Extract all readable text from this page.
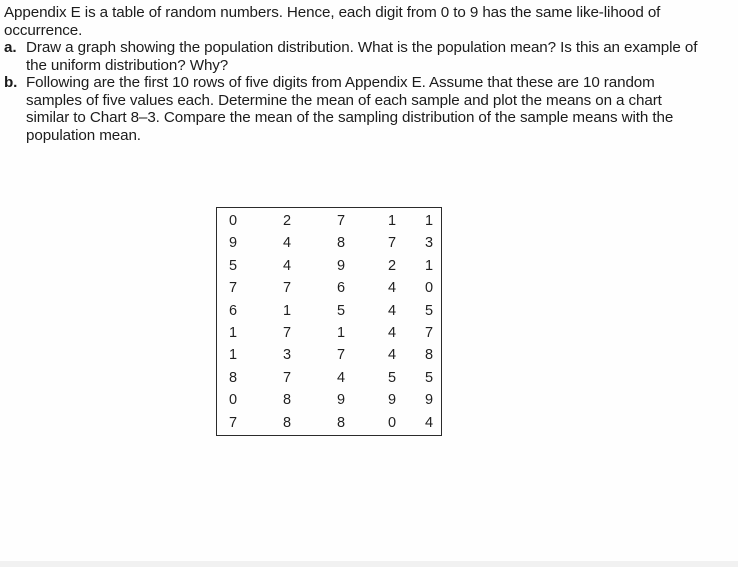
Appendix E is a table of random numbers. Hence, each digit from 0 to 9 has the same like-lihood of occurrence.

a. Draw a graph showing the population distribution. What is the population mean? Is this an example of the uniform distribution? Why?
b. Following are the first 10 rows of five digits from Appendix E. Assume that these are 10 random samples of five values each. Determine the mean of each sample and plot the means on a chart similar to Chart 8–3. Compare the mean of the sampling distribution of the sample means with the population mean.
0	2	7	1	1
9	4	8	7	3
5	4	9	2	1
7	7	6	4	0
6	1	5	4	5
1	7	1	4	7
1	3	7	4	8
8	7	4	5	5
0	8	9	9	9
7	8	8	0	4
